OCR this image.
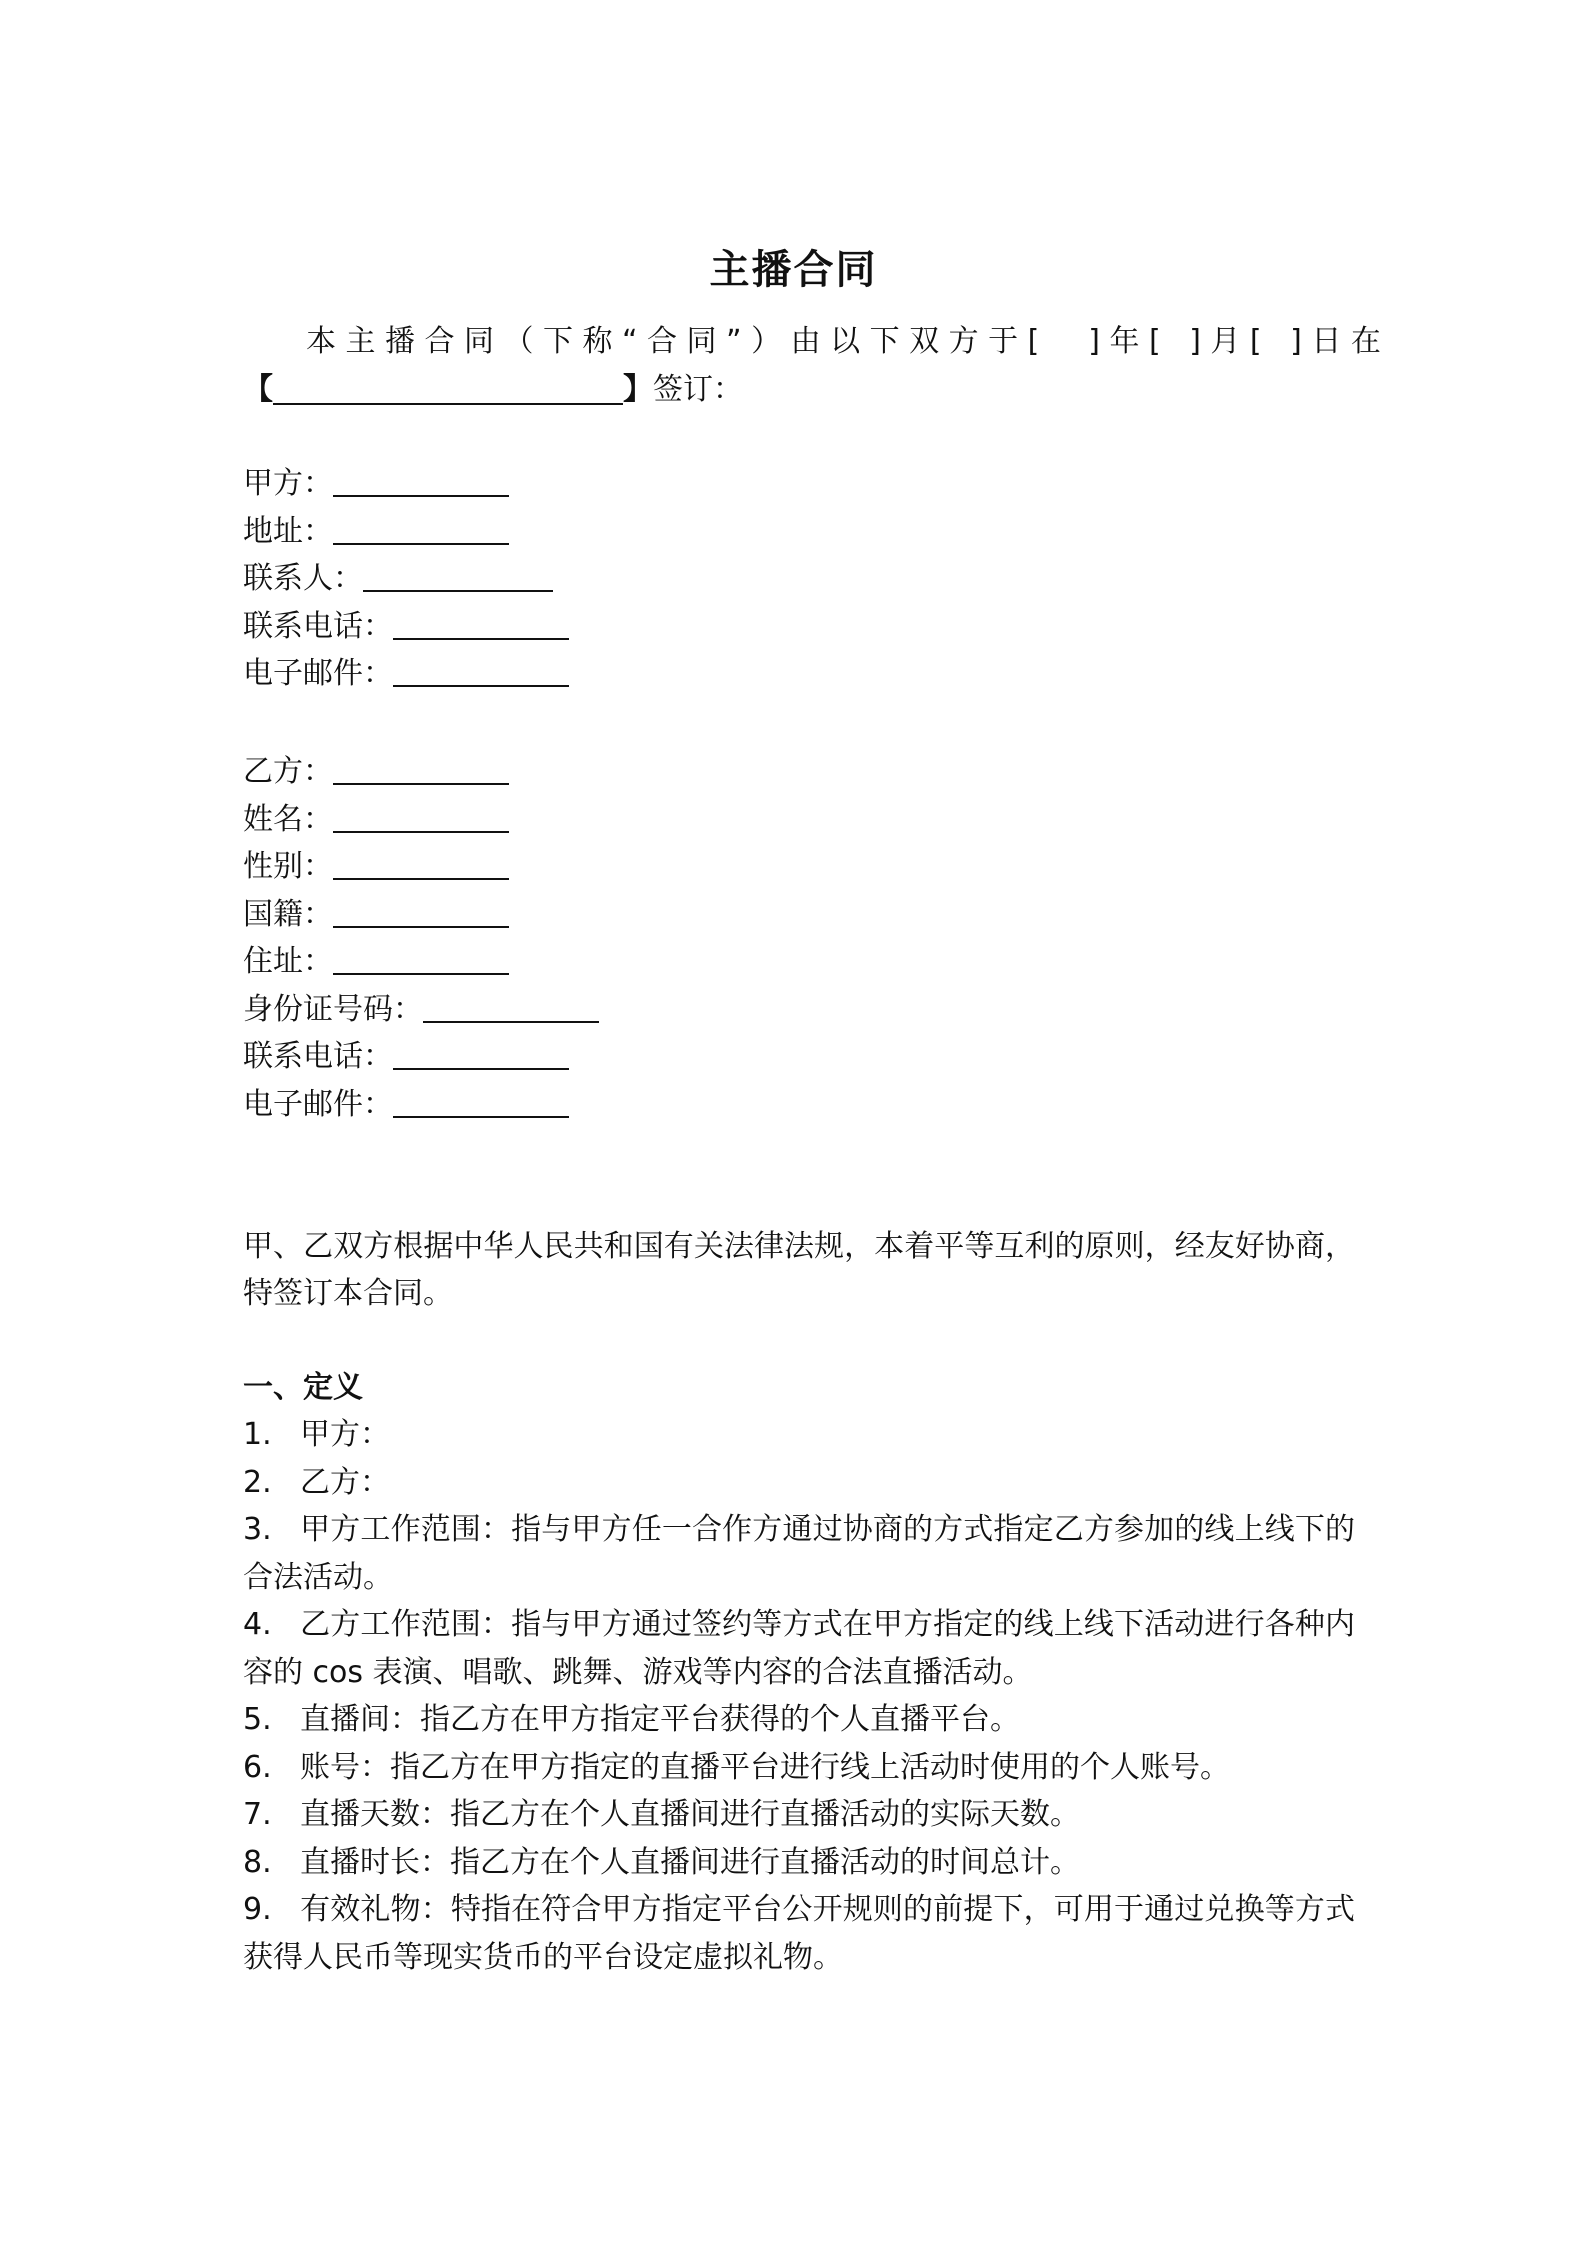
主播合同
本主播合同（下称“合同”）由以下双方于[　]年[ ]月[ ]日在
【	】签订：
甲方：
地址：
联系人：
联系电话：
电子邮件：
乙方：
姓名：
性别：
国籍：
住址：
身份证号码：
联系电话：
电子邮件：
甲、乙双方根据中华人民共和国有关法律法规，本着平等互利的原则，经友好协商，特签订本合同。
一、定义
1. 甲方：
2. 乙方：
3. 甲方工作范围：指与甲方任一合作方通过协商的方式指定乙方参加的线上线下的合法活动。
4. 乙方工作范围：指与甲方通过签约等方式在甲方指定的线上线下活动进行各种内容的 cos 表演、唱歌、跳舞、游戏等内容的合法直播活动。
5. 直播间：指乙方在甲方指定平台获得的个人直播平台。
6. 账号：指乙方在甲方指定的直播平台进行线上活动时使用的个人账号。
7. 直播天数：指乙方在个人直播间进行直播活动的实际天数。
8. 直播时长：指乙方在个人直播间进行直播活动的时间总计。
9. 有效礼物：特指在符合甲方指定平台公开规则的前提下，可用于通过兑换等方式获得人民币等现实货币的平台设定虚拟礼物。
